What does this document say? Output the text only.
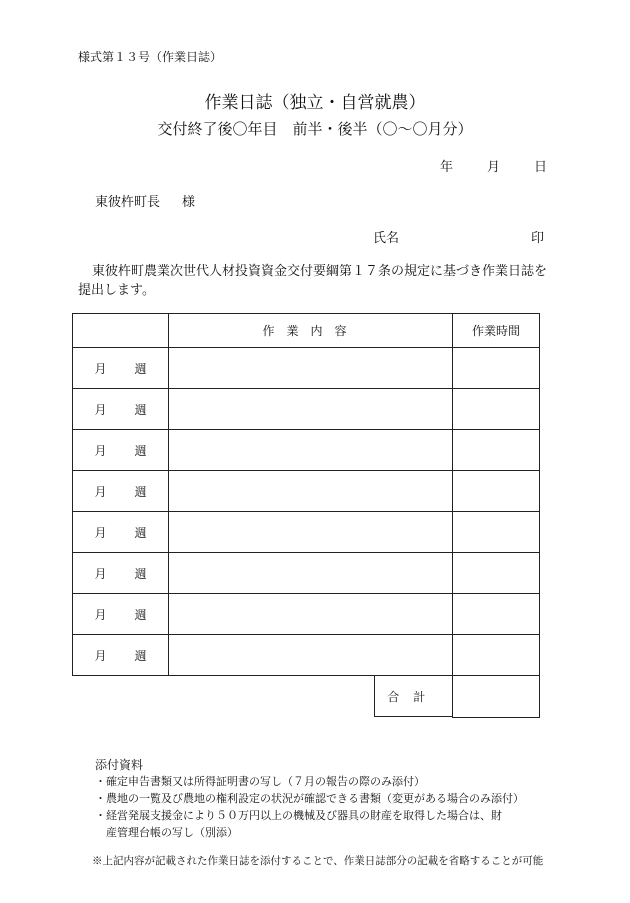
様式第１３号（作業日誌）
作業日誌（独立・自営就農）
交付終了後〇年目　前半・後半（〇～〇月分）
年	月	日
東彼杵町長 様
氏名	印
東彼杵町農業次世代人材投資資金交付要綱第１７条の規定に基づき作業日誌を提出します。
	作業内容	作業時間
月 週		
月 週		
月 週		
月 週		
月 週		
月 週		
月 週		
月 週		

合計	

添付資料
・確定申告書類又は所得証明書の写し（７月の報告の際のみ添付）
・農地の一覧及び農地の権利設定の状況が確認できる書類（変更がある場合のみ添付）
・経営発展支援金により５０万円以上の機械及び器具の財産を取得した場合は、財
　産管理台帳の写し（別添）
※上記内容が記載された作業日誌を添付することで、作業日誌部分の記載を省略することが可能
